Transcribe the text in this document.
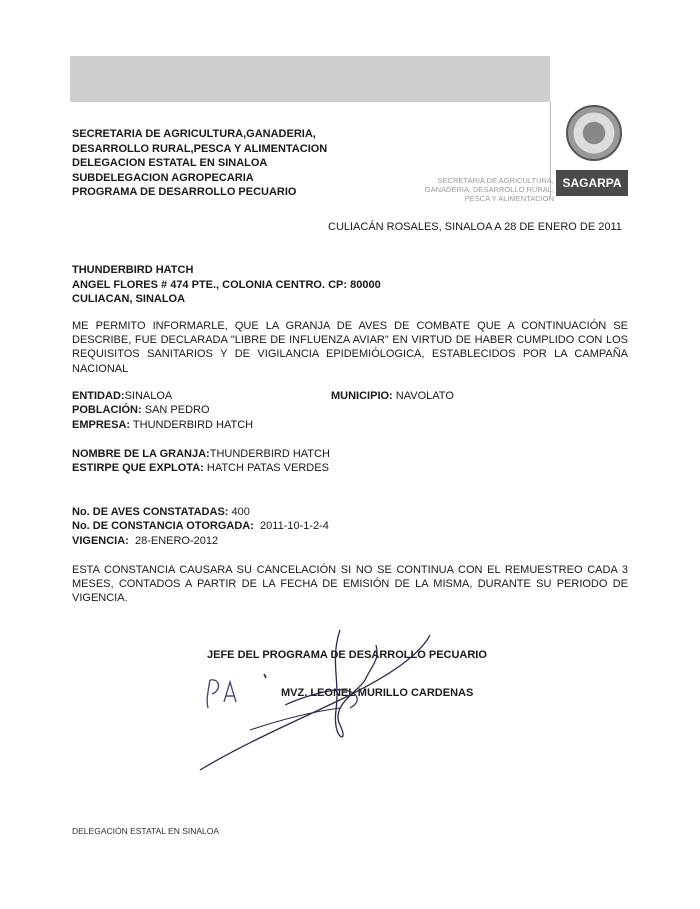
SAGARPA
SECRETARIA DE AGRICULTURA,
GANADERIA, DESARROLLO RURAL,
PESCA Y ALIMENTACION
SECRETARIA DE AGRICULTURA,GANADERIA,
DESARROLLO RURAL,PESCA Y ALIMENTACION
DELEGACION ESTATAL EN SINALOA
SUBDELEGACION AGROPECARIA
PROGRAMA DE DESARROLLO PECUARIO
CULIACÁN ROSALES, SINALOA A 28 DE ENERO DE 2011
THUNDERBIRD HATCH
ANGEL FLORES # 474 PTE., COLONIA CENTRO. CP: 80000
CULIACAN, SINALOA
ME PERMITO INFORMARLE, QUE LA GRANJA DE AVES DE COMBATE QUE A CONTINUACIÓN SE DESCRIBE, FUE DECLARADA "LIBRE DE INFLUENZA AVIAR" EN VIRTUD DE HABER CUMPLIDO CON LOS REQUISITOS SANITARIOS Y DE VIGILANCIA EPIDEMIÓLOGICA, ESTABLECIDOS POR LA CAMPAÑA NACIONAL
ENTIDAD:SINALOA	MUNICIPIO: NAVOLATO
POBLACIÓN: SAN PEDRO
EMPRESA: THUNDERBIRD HATCH
NOMBRE DE LA GRANJA:THUNDERBIRD HATCH
ESTIRPE QUE EXPLOTA: HATCH PATAS VERDES
No. DE AVES CONSTATADAS: 400
No. DE CONSTANCIA OTORGADA: 2011-10-1-2-4
VIGENCIA: 28-ENERO-2012
ESTA CONSTANCIA CAUSARA SU CANCELACIÓN SI NO SE CONTINUA CON EL REMUESTREO CADA 3 MESES, CONTADOS A PARTIR DE LA FECHA DE EMISIÓN DE LA MISMA, DURANTE SU PERIODO DE VIGENCIA.
JEFE DEL PROGRAMA DE DESARROLLO PECUARIO
MVZ. LEONEL MURILLO CARDENAS
DELEGACIÓN ESTATAL EN SINALOA
